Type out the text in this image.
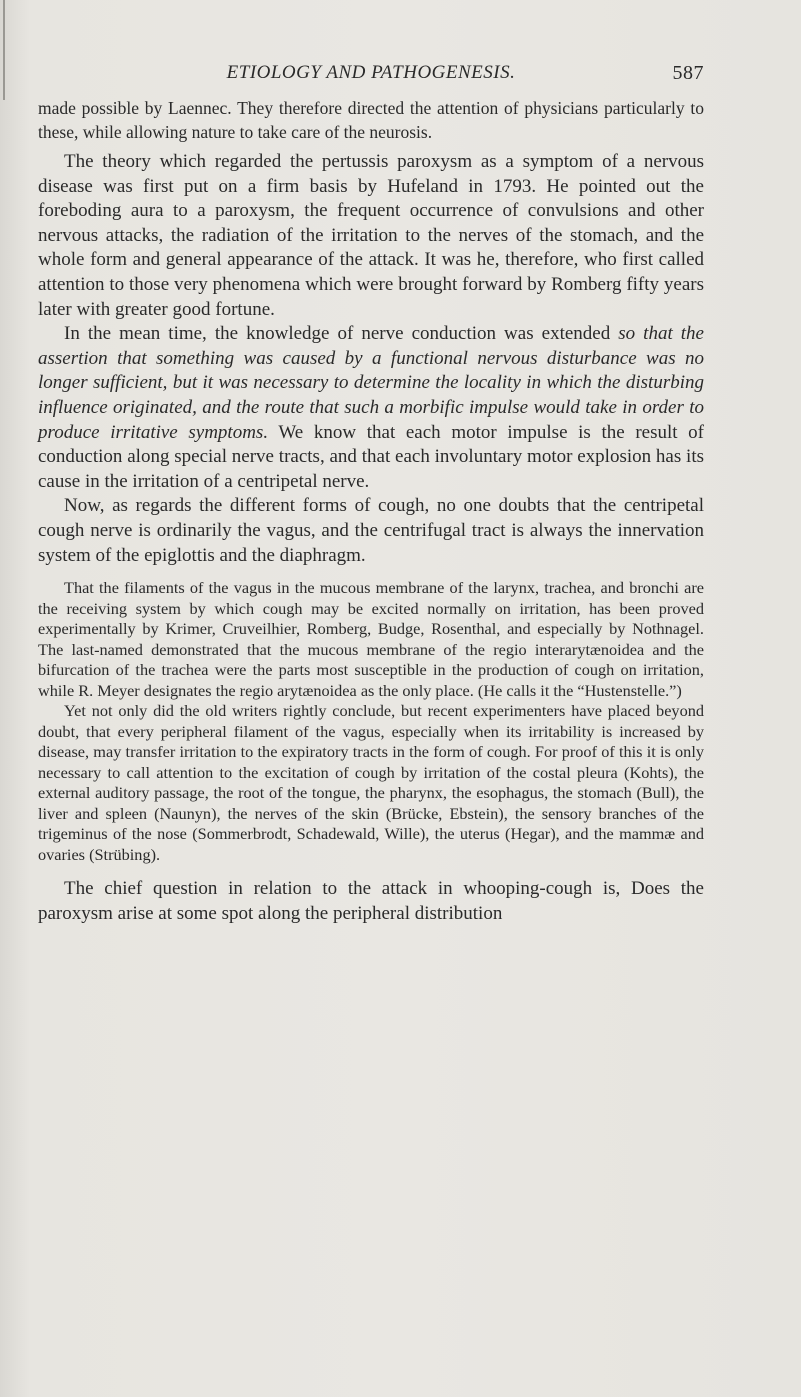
ETIOLOGY AND PATHOGENESIS.	587

made possible by Laennec. They therefore directed the attention of physicians particularly to these, while allowing nature to take care of the neurosis.

The theory which regarded the pertussis paroxysm as a symptom of a nervous disease was first put on a firm basis by Hufeland in 1793. He pointed out the foreboding aura to a paroxysm, the frequent occurrence of convulsions and other nervous attacks, the radiation of the irritation to the nerves of the stomach, and the whole form and general appearance of the attack. It was he, therefore, who first called attention to those very phenomena which were brought forward by Romberg fifty years later with greater good fortune.

In the mean time, the knowledge of nerve conduction was extended so that the assertion that something was caused by a functional nervous disturbance was no longer sufficient, but it was necessary to determine the locality in which the disturbing influence originated, and the route that such a morbific impulse would take in order to produce irritative symptoms. We know that each motor impulse is the result of conduction along special nerve tracts, and that each involuntary motor explosion has its cause in the irritation of a centripetal nerve.

Now, as regards the different forms of cough, no one doubts that the centripetal cough nerve is ordinarily the vagus, and the centrifugal tract is always the innervation system of the epiglottis and the diaphragm.

That the filaments of the vagus in the mucous membrane of the larynx, trachea, and bronchi are the receiving system by which cough may be excited normally on irritation, has been proved experimentally by Krimer, Cruveilhier, Romberg, Budge, Rosenthal, and especially by Nothnagel. The last-named demonstrated that the mucous membrane of the regio interarytænoidea and the bifurcation of the trachea were the parts most susceptible in the production of cough on irritation, while R. Meyer designates the regio arytænoidea as the only place. (He calls it the “Hustenstelle.”)

Yet not only did the old writers rightly conclude, but recent experimenters have placed beyond doubt, that every peripheral filament of the vagus, especially when its irritability is increased by disease, may transfer irritation to the expiratory tracts in the form of cough. For proof of this it is only necessary to call attention to the excitation of cough by irritation of the costal pleura (Kohts), the external auditory passage, the root of the tongue, the pharynx, the esophagus, the stomach (Bull), the liver and spleen (Naunyn), the nerves of the skin (Brücke, Ebstein), the sensory branches of the trigeminus of the nose (Sommerbrodt, Schadewald, Wille), the uterus (Hegar), and the mammæ and ovaries (Strübing).

The chief question in relation to the attack in whooping-cough is, Does the paroxysm arise at some spot along the peripheral distribution
